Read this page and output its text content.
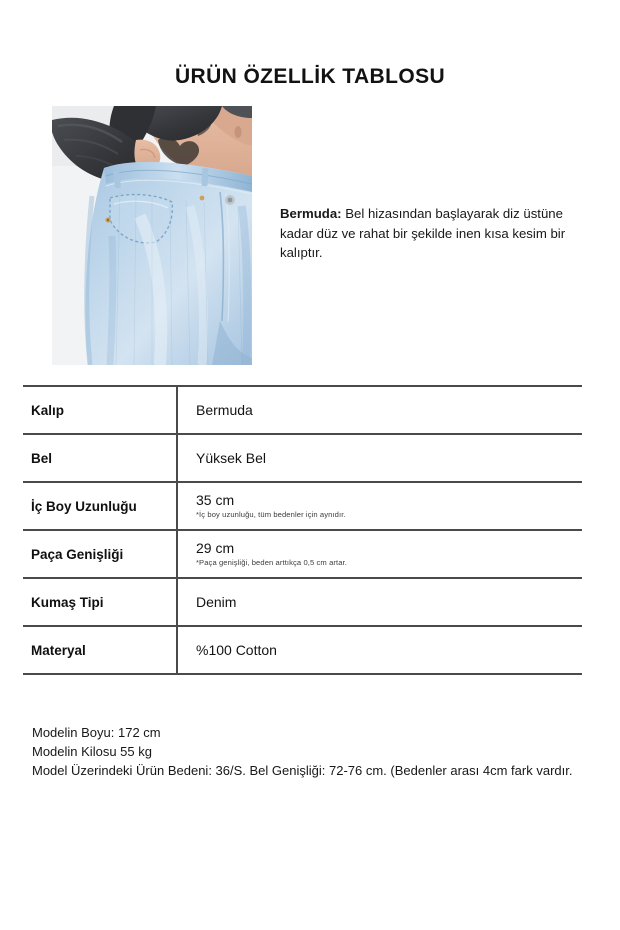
ÜRÜN ÖZELLİK TABLOSU
Bermuda: Bel hizasından başlayarak diz üstüne kadar düz ve rahat bir şekilde inen kısa kesim bir kalıptır.
Kalıp	Bermuda

Bel	Yüksek Bel

İç Boy Uzunluğu	35 cm
*İç boy uzunluğu, tüm bedenler için aynıdır.

Paça Genişliği	29 cm
*Paça genişliği, beden arttıkça 0,5 cm artar.

Kumaş Tipi	Denim

Materyal	%100 Cotton
Modelin Boyu: 172 cm
Modelin Kilosu 55 kg
Model Üzerindeki Ürün Bedeni: 36/S. Bel Genişliği: 72-76 cm. (Bedenler arası 4cm fark vardır.
